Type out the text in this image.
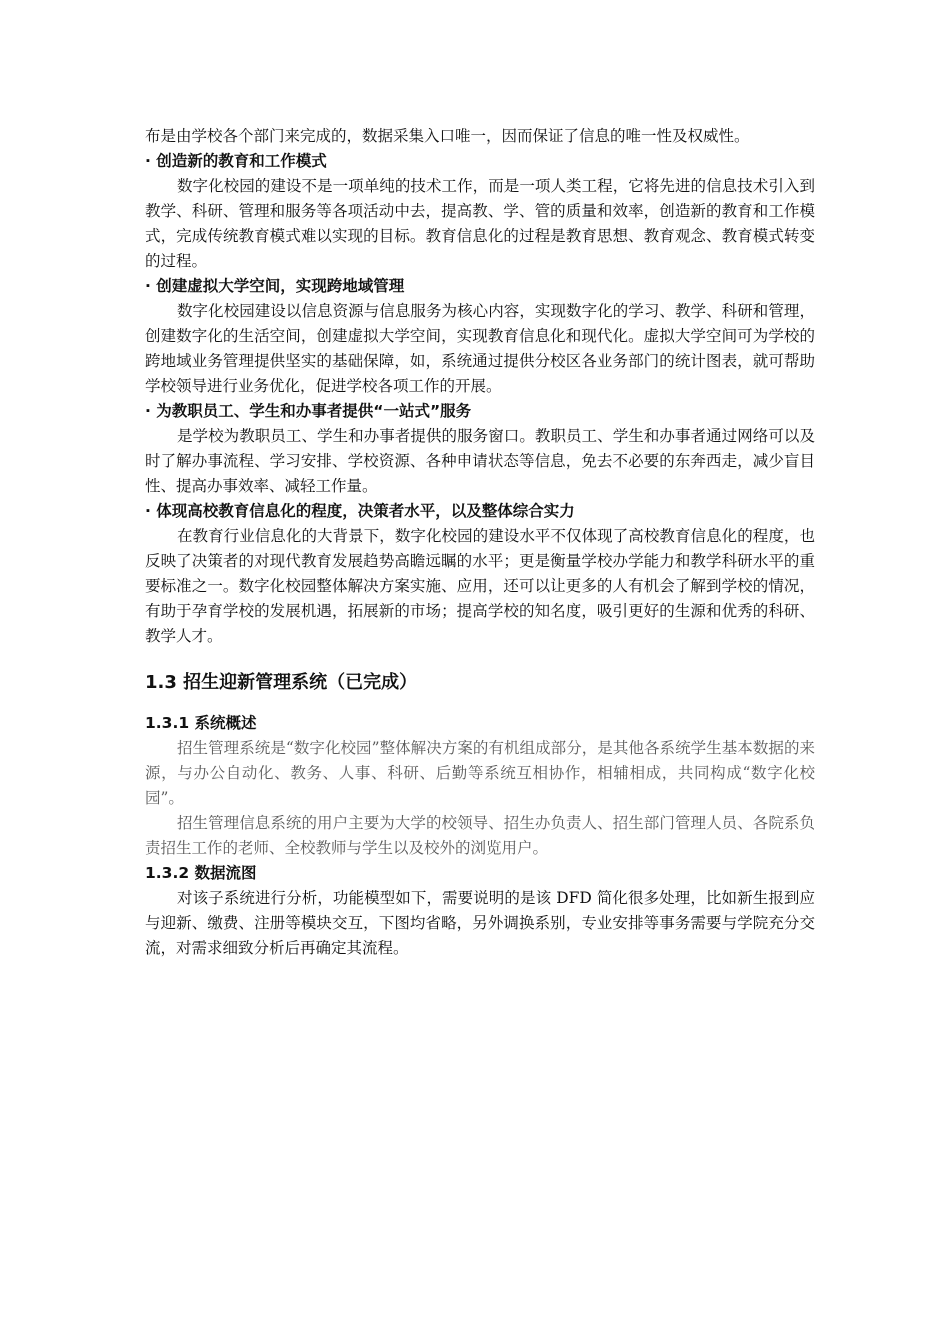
布是由学校各个部门来完成的，数据采集入口唯一，因而保证了信息的唯一性及权威性。

· 创造新的教育和工作模式

数字化校园的建设不是一项单纯的技术工作，而是一项人类工程，它将先进的信息技术引入到教学、科研、管理和服务等各项活动中去，提高教、学、管的质量和效率，创造新的教育和工作模式，完成传统教育模式难以实现的目标。教育信息化的过程是教育思想、教育观念、教育模式转变的过程。

· 创建虚拟大学空间，实现跨地域管理

数字化校园建设以信息资源与信息服务为核心内容，实现数字化的学习、教学、科研和管理，创建数字化的生活空间，创建虚拟大学空间，实现教育信息化和现代化。虚拟大学空间可为学校的跨地域业务管理提供坚实的基础保障，如，系统通过提供分校区各业务部门的统计图表，就可帮助学校领导进行业务优化，促进学校各项工作的开展。

· 为教职员工、学生和办事者提供“一站式”服务

是学校为教职员工、学生和办事者提供的服务窗口。教职员工、学生和办事者通过网络可以及时了解办事流程、学习安排、学校资源、各种申请状态等信息，免去不必要的东奔西走，减少盲目性、提高办事效率、减轻工作量。

· 体现高校教育信息化的程度，决策者水平，以及整体综合实力

在教育行业信息化的大背景下，数字化校园的建设水平不仅体现了高校教育信息化的程度，也反映了决策者的对现代教育发展趋势高瞻远瞩的水平；更是衡量学校办学能力和教学科研水平的重要标准之一。数字化校园整体解决方案实施、应用，还可以让更多的人有机会了解到学校的情况，有助于孕育学校的发展机遇，拓展新的市场；提高学校的知名度，吸引更好的生源和优秀的科研、教学人才。

1.3 招生迎新管理系统（已完成）
1.3.1 系统概述

招生管理系统是“数字化校园”整体解决方案的有机组成部分，是其他各系统学生基本数据的来源，与办公自动化、教务、人事、科研、后勤等系统互相协作，相辅相成，共同构成“数字化校园”。

招生管理信息系统的用户主要为大学的校领导、招生办负责人、招生部门管理人员、各院系负责招生工作的老师、全校教师与学生以及校外的浏览用户。

1.3.2 数据流图

对该子系统进行分析，功能模型如下，需要说明的是该 DFD 简化很多处理，比如新生报到应与迎新、缴费、注册等模块交互，下图均省略，另外调换系别，专业安排等事务需要与学院充分交流，对需求细致分析后再确定其流程。
